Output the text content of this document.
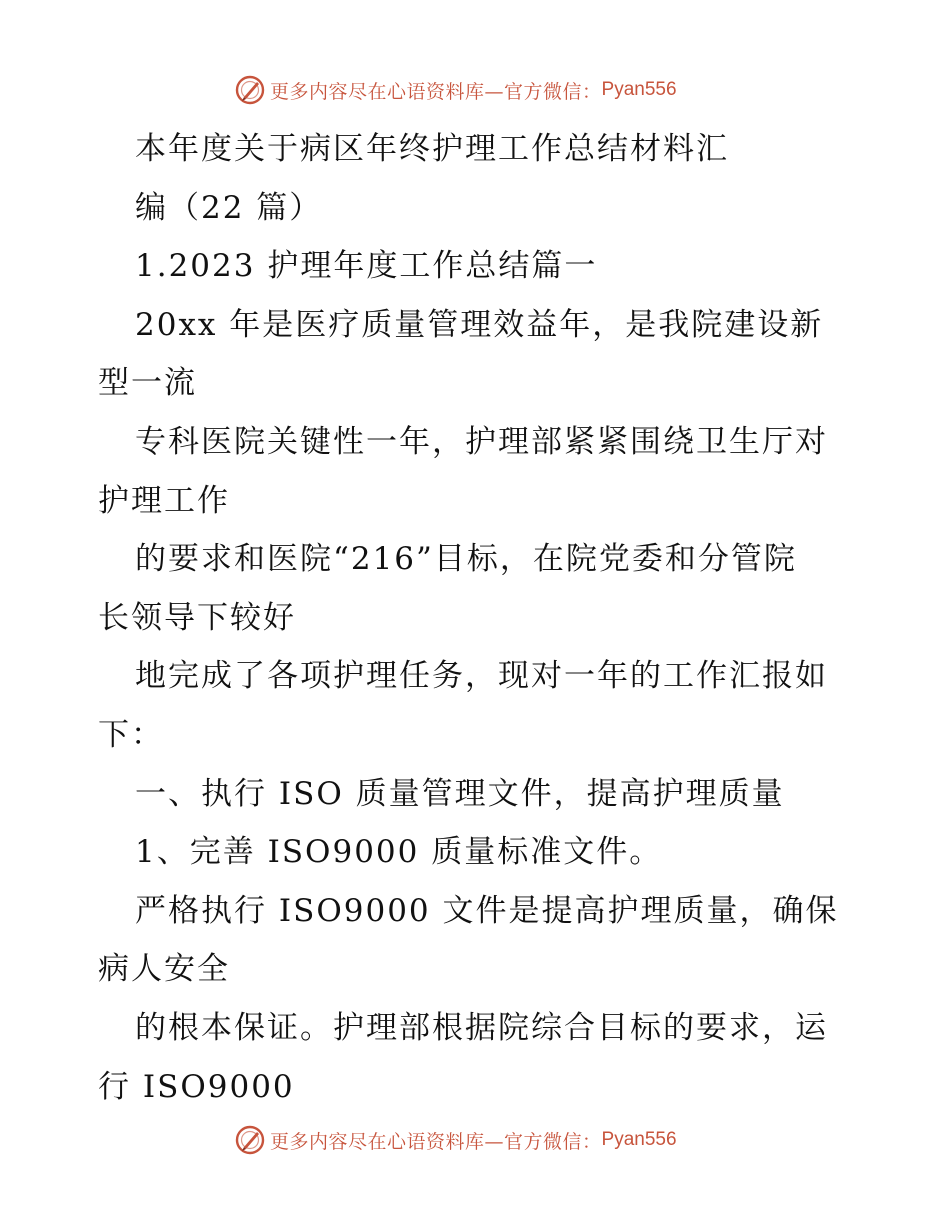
更多内容尽在心语资料库—官方微信： Pyan556
本年度关于病区年终护理工作总结材料汇
编（22 篇）
1.2023 护理年度工作总结篇一
20xx 年是医疗质量管理效益年，是我院建设新
型一流
专科医院关键性一年，护理部紧紧围绕卫生厅对
护理工作
的要求和医院“216”目标，在院党委和分管院
长领导下较好
地完成了各项护理任务，现对一年的工作汇报如
下：
一、执行 ISO 质量管理文件，提高护理质量
1、完善 ISO9000 质量标准文件。
严格执行 ISO9000 文件是提高护理质量，确保
病人安全
的根本保证。护理部根据院综合目标的要求，运
行 ISO9000
更多内容尽在心语资料库—官方微信： Pyan556
